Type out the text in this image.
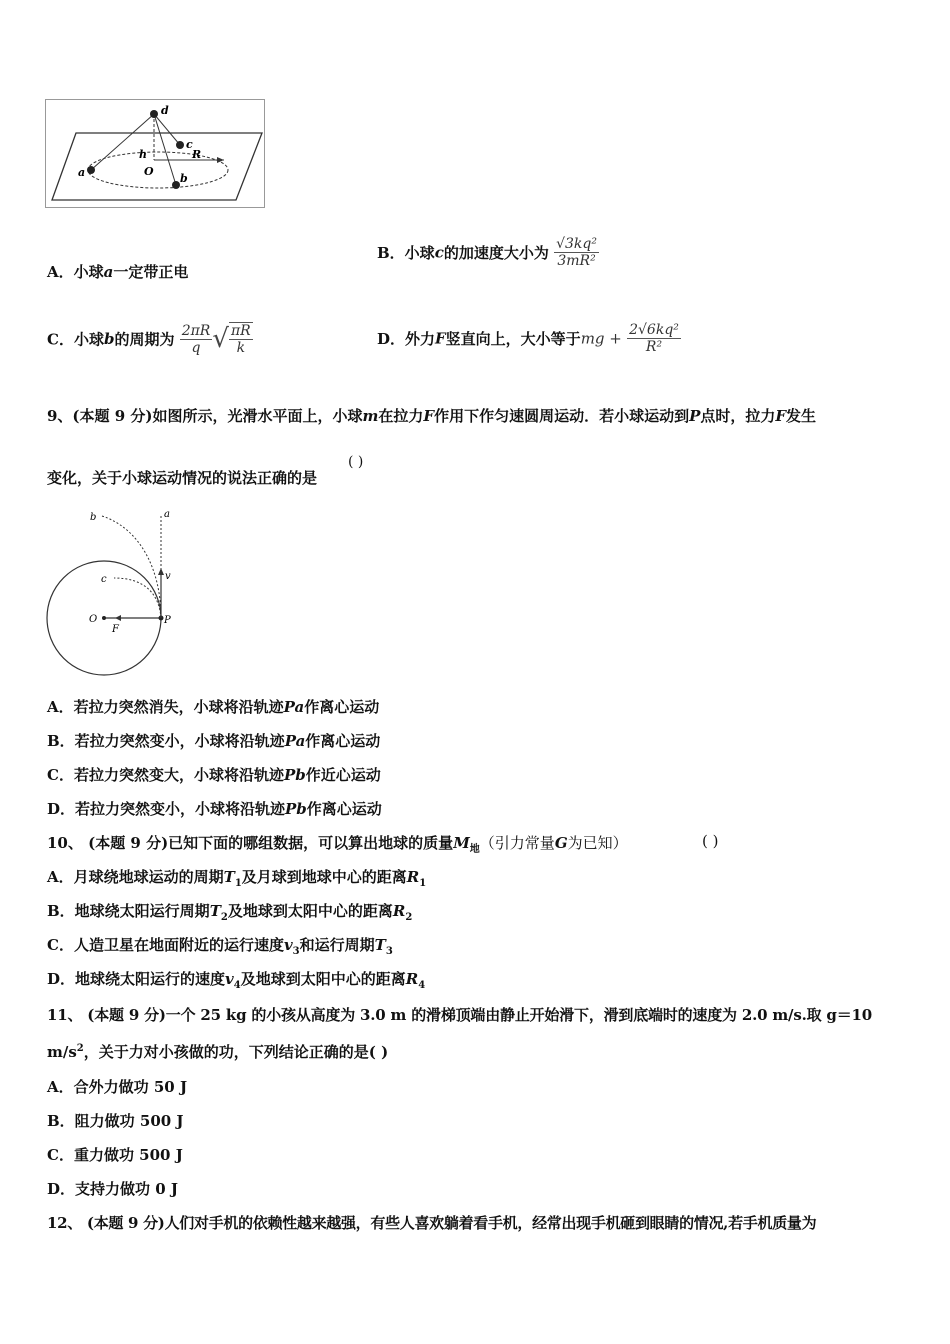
d
c
h	R
O
a	b
A．小球a一定带正电
B．小球c的加速度大小为 $\frac{\text{√3kq²}}{\text{3mR²}}$
C．小球b的周期为 $\frac{2\pi R}{q}$ √ $\frac{\pi R}{k}$	D．外力F竖直向上，大小等于mg + $\frac{\text{2√6kq²}}{\text{R²}}$
9、(本题 9 分)如图所示，光滑水平面上，小球m在拉力F作用下作匀速圆周运动．若小球运动到P点时，拉力F发生
变化，关于小球运动情况的说法正确的是
( )
b	a
c	v
O
F
P
A．若拉力突然消失，小球将沿轨迹Pa作离心运动
B．若拉力突然变小，小球将沿轨迹Pa作离心运动
C．若拉力突然变大，小球将沿轨迹Pb作近心运动
D．若拉力突然变小，小球将沿轨迹Pb作离心运动
10、 (本题 9 分)已知下面的哪组数据，可以算出地球的质量$M_地$（引力常量G为已知）	( )
A．月球绕地球运动的周期$T_1$及月球到地球中心的距离$R_1$
B．地球绕太阳运行周期$T_2$及地球到太阳中心的距离$R_2$
C．人造卫星在地面附近的运行速度$v_3$和运行周期$T_3$
D．地球绕太阳运行的速度$v_4$及地球到太阳中心的距离$R_4$
11、 (本题 9 分)一个 25 kg 的小孩从高度为 3.0 m 的滑梯顶端由静止开始滑下，滑到底端时的速度为 2.0 m/s.取 g＝10
$m/s^2$，关于力对小孩做的功，下列结论正确的是( )
A．合外力做功 50 J
B．阻力做功 500 J
C．重力做功 500 J
D．支持力做功 0 J
12、 (本题 9 分)人们对手机的依赖性越来越强，有些人喜欢躺着看手机，经常出现手机砸到眼睛的情况,若手机质量为
